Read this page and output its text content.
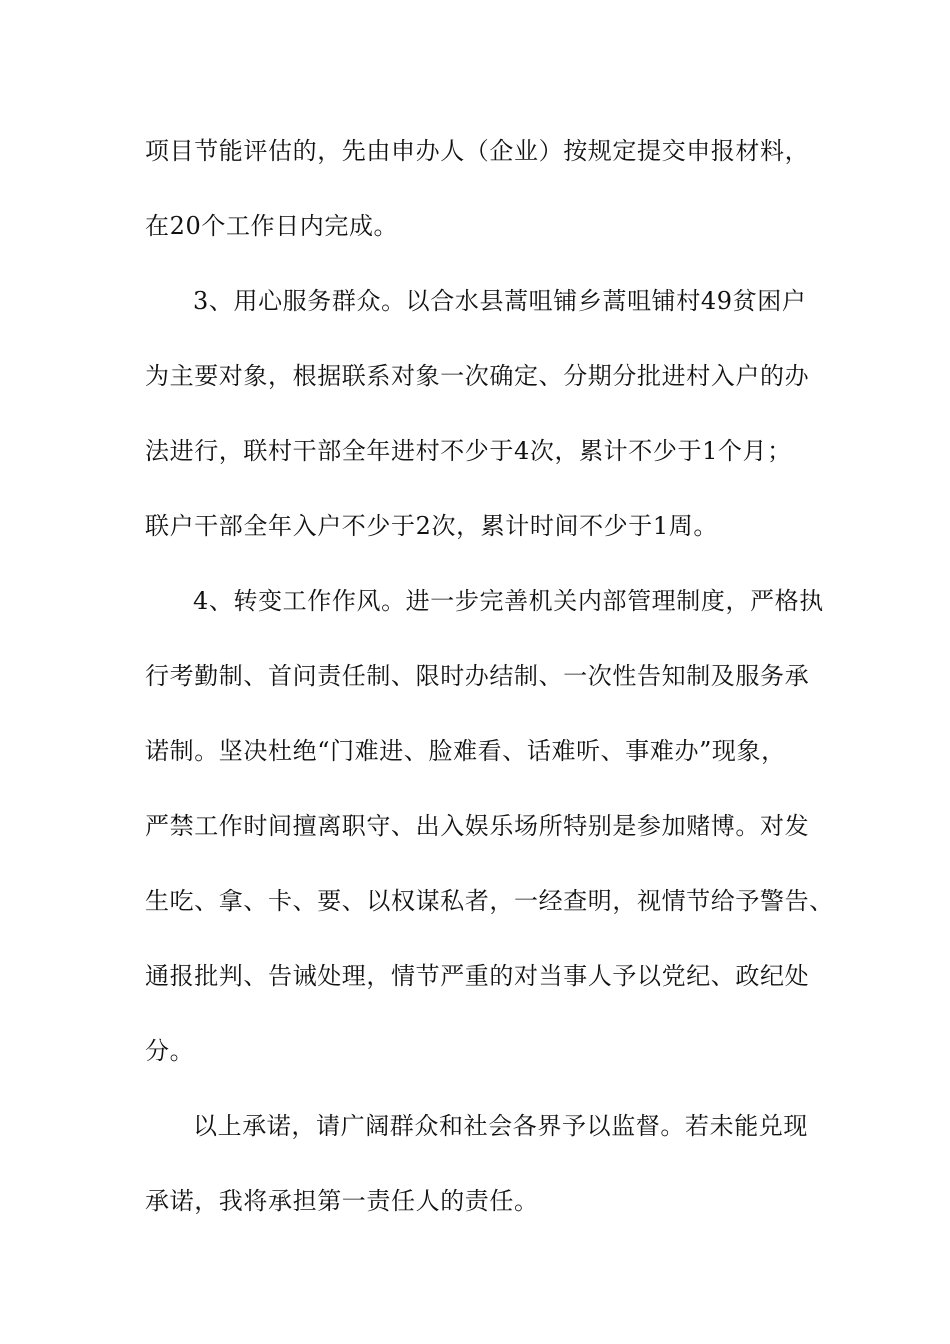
项目节能评估的，先由申办人（企业）按规定提交申报材料，
在20个工作日内完成。
3、用心服务群众。以合水县蒿咀铺乡蒿咀铺村49贫困户
为主要对象，根据联系对象一次确定、分期分批进村入户的办
法进行，联村干部全年进村不少于4次，累计不少于1个月；
联户干部全年入户不少于2次，累计时间不少于1周。
4、转变工作作风。进一步完善机关内部管理制度，严格执
行考勤制、首问责任制、限时办结制、一次性告知制及服务承
诺制。坚决杜绝“门难进、脸难看、话难听、事难办”现象，
严禁工作时间擅离职守、出入娱乐场所特别是参加赌博。对发
生吃、拿、卡、要、以权谋私者，一经查明，视情节给予警告、
通报批判、告诫处理，情节严重的对当事人予以党纪、政纪处
分。
以上承诺，请广阔群众和社会各界予以监督。若未能兑现
承诺，我将承担第一责任人的责任。
